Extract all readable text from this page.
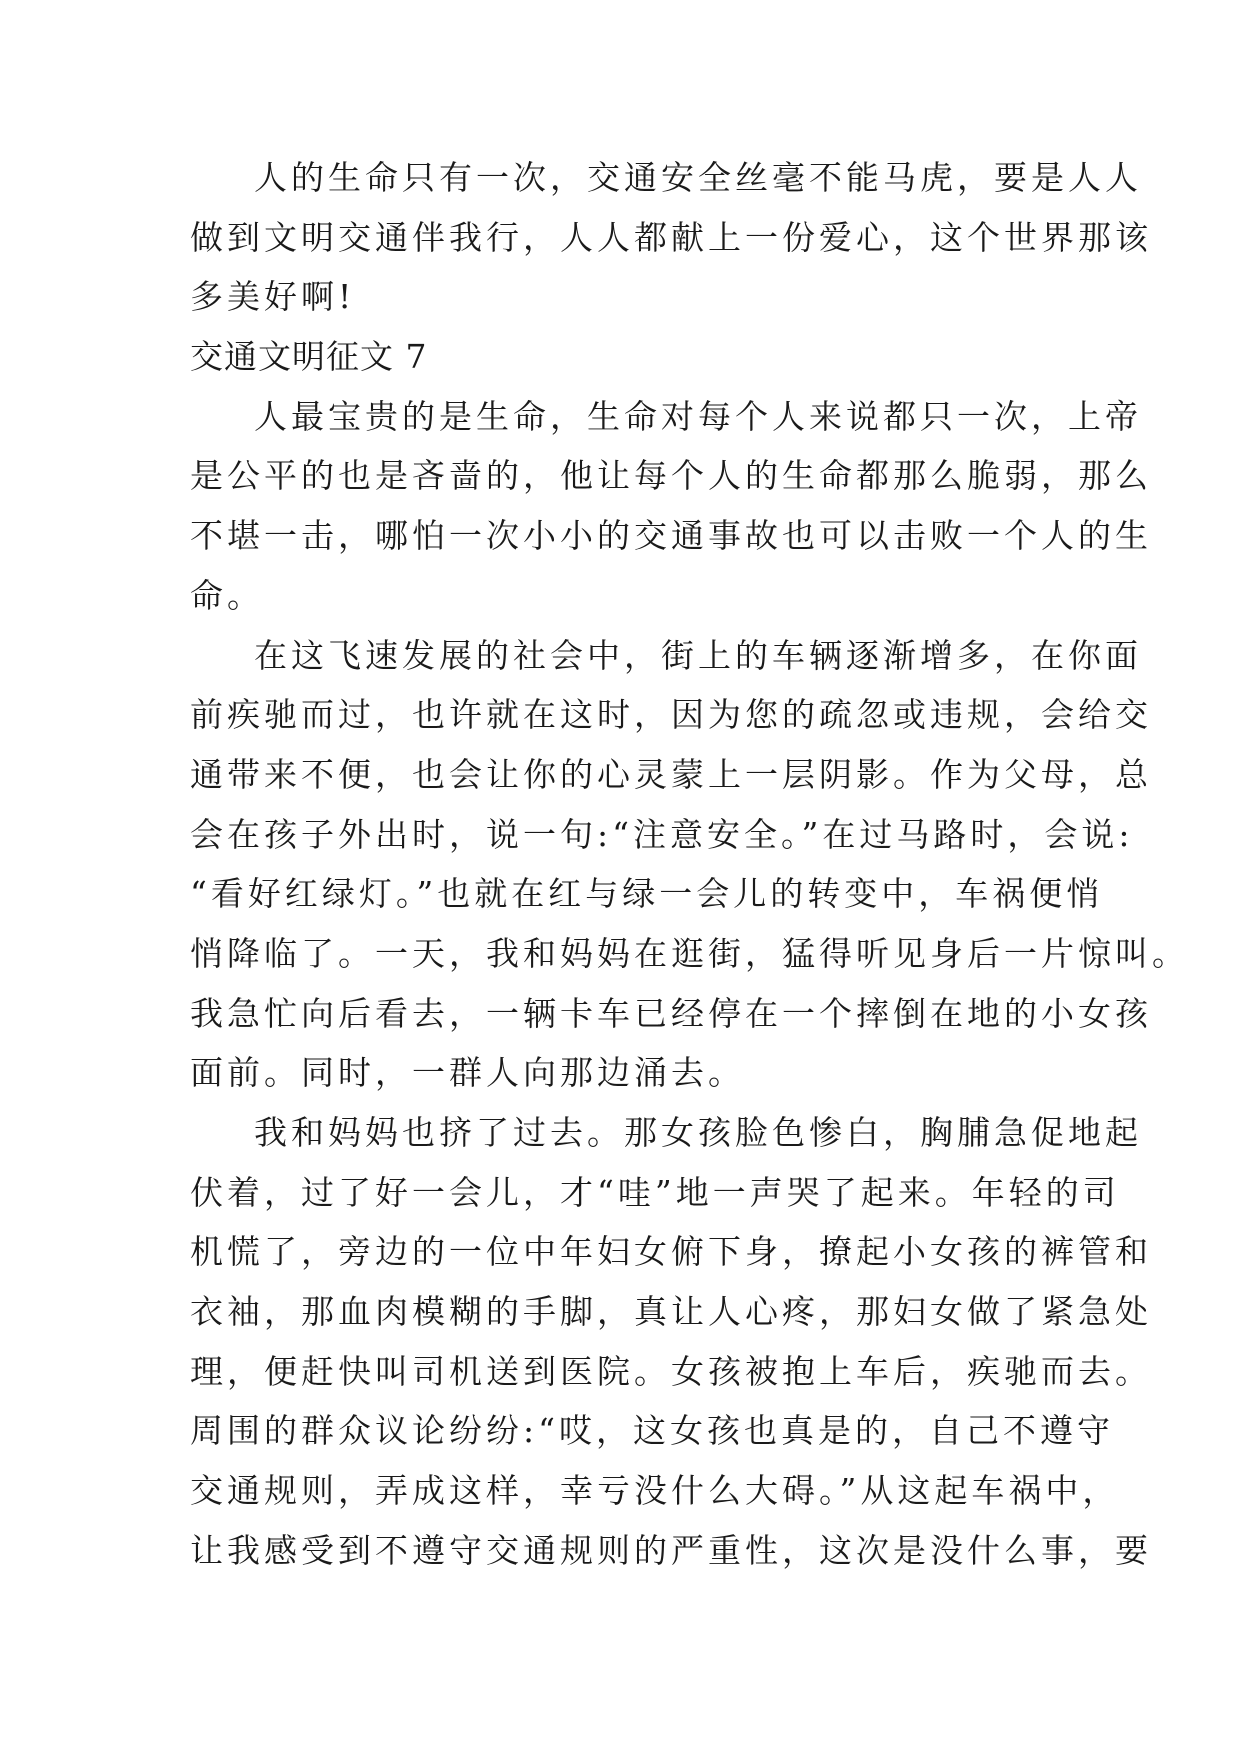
人的生命只有一次，交通安全丝毫不能马虎，要是人人
做到文明交通伴我行，人人都献上一份爱心，这个世界那该
多美好啊!
交通文明征文 7
人最宝贵的是生命，生命对每个人来说都只一次，上帝
是公平的也是吝啬的，他让每个人的生命都那么脆弱，那么
不堪一击，哪怕一次小小的交通事故也可以击败一个人的生
命。
在这飞速发展的社会中，街上的车辆逐渐增多，在你面
前疾驰而过，也许就在这时，因为您的疏忽或违规，会给交
通带来不便，也会让你的心灵蒙上一层阴影。作为父母，总
会在孩子外出时，说一句:“注意安全。”在过马路时，会说:
“看好红绿灯。”也就在红与绿一会儿的转变中，车祸便悄
悄降临了。一天，我和妈妈在逛街，猛得听见身后一片惊叫。
我急忙向后看去，一辆卡车已经停在一个摔倒在地的小女孩
面前。同时，一群人向那边涌去。
我和妈妈也挤了过去。那女孩脸色惨白，胸脯急促地起
伏着，过了好一会儿，才“哇”地一声哭了起来。年轻的司
机慌了，旁边的一位中年妇女俯下身，撩起小女孩的裤管和
衣袖，那血肉模糊的手脚，真让人心疼，那妇女做了紧急处
理，便赶快叫司机送到医院。女孩被抱上车后，疾驰而去。
周围的群众议论纷纷:“哎，这女孩也真是的，自己不遵守
交通规则，弄成这样，幸亏没什么大碍。”从这起车祸中，
让我感受到不遵守交通规则的严重性，这次是没什么事，要
